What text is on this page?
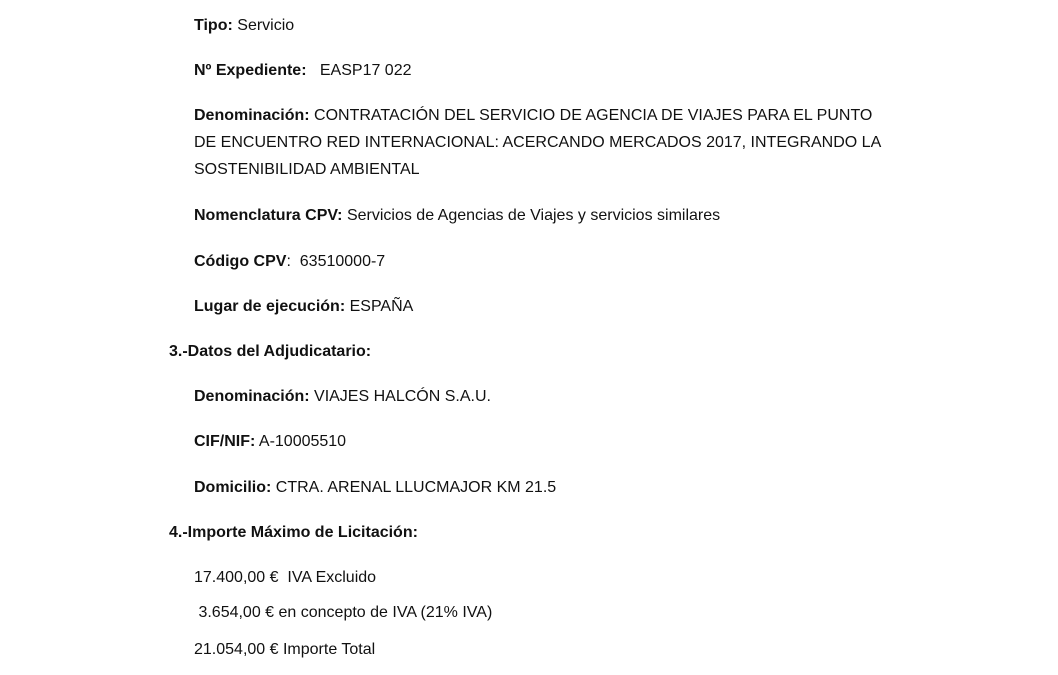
Tipo: Servicio
Nº Expediente: EASP17 022
Denominación: CONTRATACIÓN DEL SERVICIO DE AGENCIA DE VIAJES PARA EL PUNTO
DE ENCUENTRO RED INTERNACIONAL: ACERCANDO MERCADOS 2017, INTEGRANDO LA
SOSTENIBILIDAD AMBIENTAL
Nomenclatura CPV: Servicios de Agencias de Viajes y servicios similares
Código CPV: 63510000-7
Lugar de ejecución: ESPAÑA
3.-Datos del Adjudicatario:
Denominación: VIAJES HALCÓN S.A.U.
CIF/NIF: A-10005510
Domicilio: CTRA. ARENAL LLUCMAJOR KM 21.5
4.-Importe Máximo de Licitación:
17.400,00 €  IVA Excluido
3.654,00 € en concepto de IVA (21% IVA)
21.054,00 € Importe Total
